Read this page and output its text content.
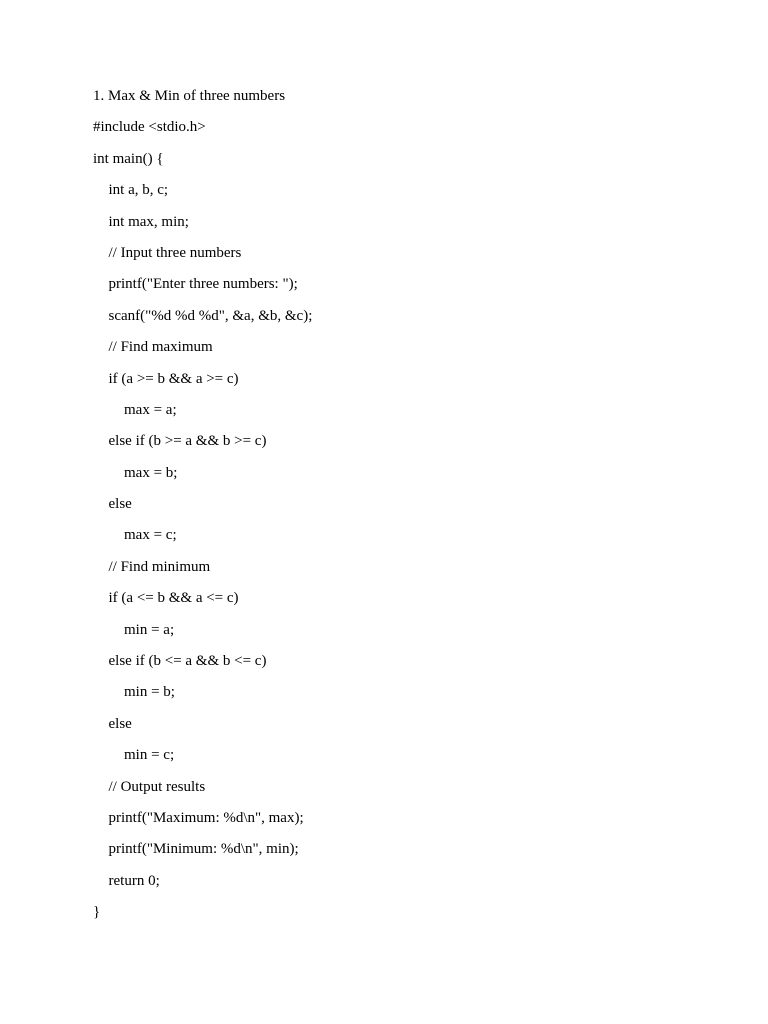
1. Max & Min of three numbers
#include <stdio.h>
int main() {
int a, b, c;
int max, min;
// Input three numbers
printf("Enter three numbers: ");
scanf("%d %d %d", &a, &b, &c);
// Find maximum
if (a >= b && a >= c)
max = a;
else if (b >= a && b >= c)
max = b;
else
max = c;
// Find minimum
if (a <= b && a <= c)
min = a;
else if (b <= a && b <= c)
min = b;
else
min = c;
// Output results
printf("Maximum: %d\n", max);
printf("Minimum: %d\n", min);
return 0;
}
